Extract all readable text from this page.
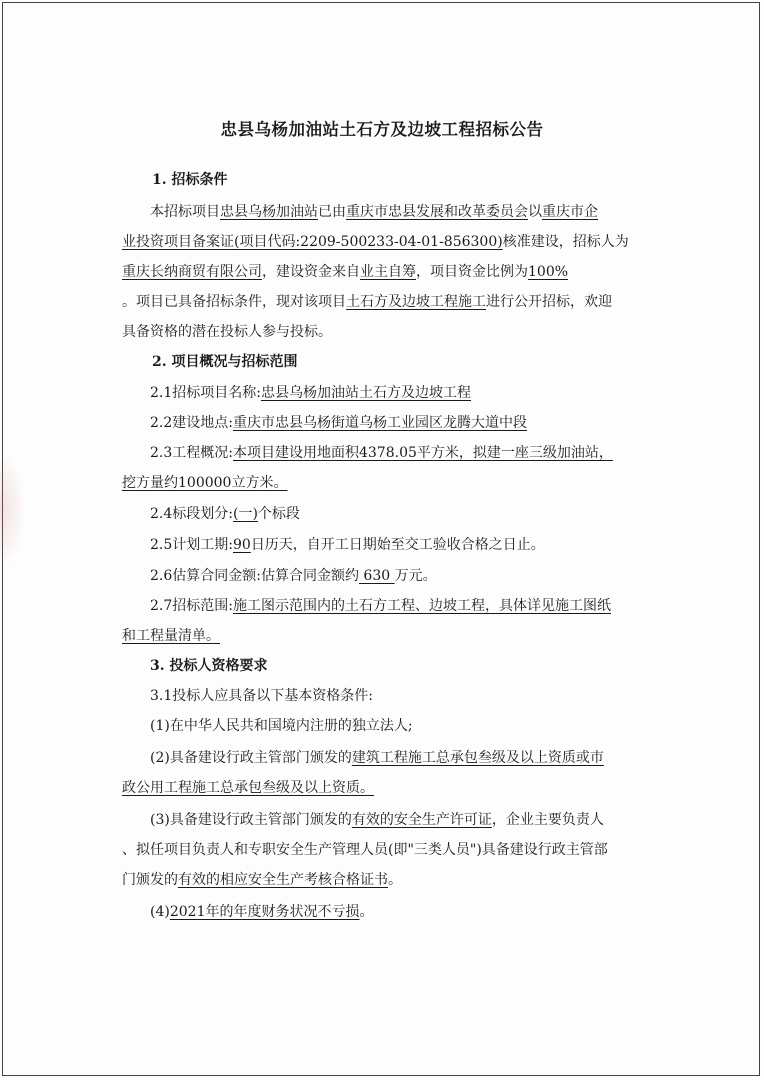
忠县乌杨加油站土石方及边坡工程招标公告
1. 招标条件
本招标项目忠县乌杨加油站已由重庆市忠县发展和改革委员会以重庆市企
业投资项目备案证(项目代码:2209-500233-04-01-856300)核准建设，招标人为
重庆长纳商贸有限公司，建设资金来自业主自筹，项目资金比例为100%
。项目已具备招标条件，现对该项目土石方及边坡工程施工进行公开招标，欢迎
具备资格的潜在投标人参与投标。
2. 项目概况与招标范围
2.1招标项目名称:忠县乌杨加油站土石方及边坡工程
2.2建设地点:重庆市忠县乌杨街道乌杨工业园区龙腾大道中段
2.3工程概况:本项目建设用地面积4378.05平方米，拟建一座三级加油站，
挖方量约100000立方米。
2.4标段划分:(一)个标段
2.5计划工期:90日历天，自开工日期始至交工验收合格之日止。
2.6估算合同金额:估算合同金额约 630 万元。
2.7招标范围:施工图示范围内的土石方工程、边坡工程，具体详见施工图纸
和工程量清单。
3. 投标人资格要求
3.1投标人应具备以下基本资格条件:
(1)在中华人民共和国境内注册的独立法人;
(2)具备建设行政主管部门颁发的建筑工程施工总承包叁级及以上资质或市
政公用工程施工总承包叁级及以上资质。
(3)具备建设行政主管部门颁发的有效的安全生产许可证，企业主要负责人
、拟任项目负责人和专职安全生产管理人员(即"三类人员")具备建设行政主管部
门颁发的有效的相应安全生产考核合格证书。
(4)2021年的年度财务状况不亏损。
